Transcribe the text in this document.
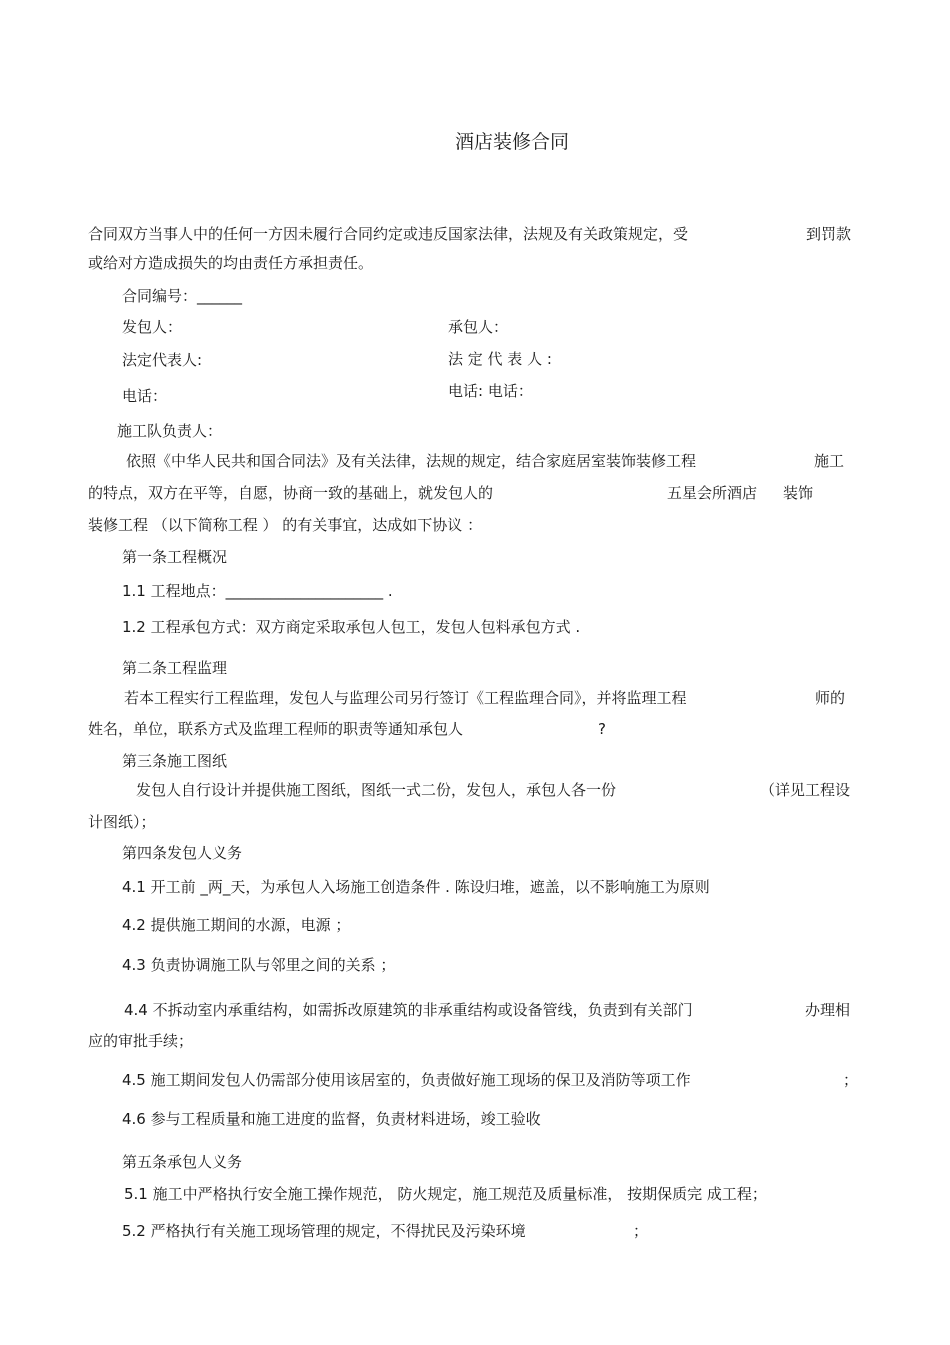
酒店装修合同
合同双方当事人中的任何一方因未履行合同约定或违反国家法律，法规及有关政策规定，受	到罚款
或给对方造成损失的均由责任方承担责任。
合同编号：______
发包人：	承包人：
法定代表人:	法 定 代 表 人 :
电话：	电话: 电话：
施工队负责人：
依照《中华人民共和国合同法》及有关法律，法规的规定，结合家庭居室装饰装修工程	施工
的特点，双方在平等，自愿，协商一致的基础上，就发包人的	五星会所酒店 装饰
装修工程 （以下简称工程 ） 的有关事宜，达成如下协议 ：
第一条工程概况
1.1 工程地点：_____________________ .
1.2 工程承包方式：双方商定采取承包人包工，发包人包料承包方式 .
第二条工程监理
若本工程实行工程监理，发包人与监理公司另行签订《工程监理合同》，并将监理工程	师的
姓名，单位，联系方式及监理工程师的职责等通知承包人	?
第三条施工图纸
发包人自行设计并提供施工图纸，图纸一式二份，发包人，承包人各一份	（详见工程设
计图纸）；
第四条发包人义务
4.1 开工前 _两_天，为承包人入场施工创造条件 . 陈设归堆，遮盖，以不影响施工为原则
4.2 提供施工期间的水源，电源 ；
4.3 负责协调施工队与邻里之间的关系 ；
4.4 不拆动室内承重结构，如需拆改原建筑的非承重结构或设备管线，负责到有关部门	办理相
应的审批手续；
4.5 施工期间发包人仍需部分使用该居室的，负责做好施工现场的保卫及消防等项工作	；
4.6 参与工程质量和施工进度的监督，负责材料进场，竣工验收
第五条承包人义务
5.1 施工中严格执行安全施工操作规范， 防火规定，施工规范及质量标准， 按期保质完 成工程；
5.2 严格执行有关施工现场管理的规定，不得扰民及污染环境	；
